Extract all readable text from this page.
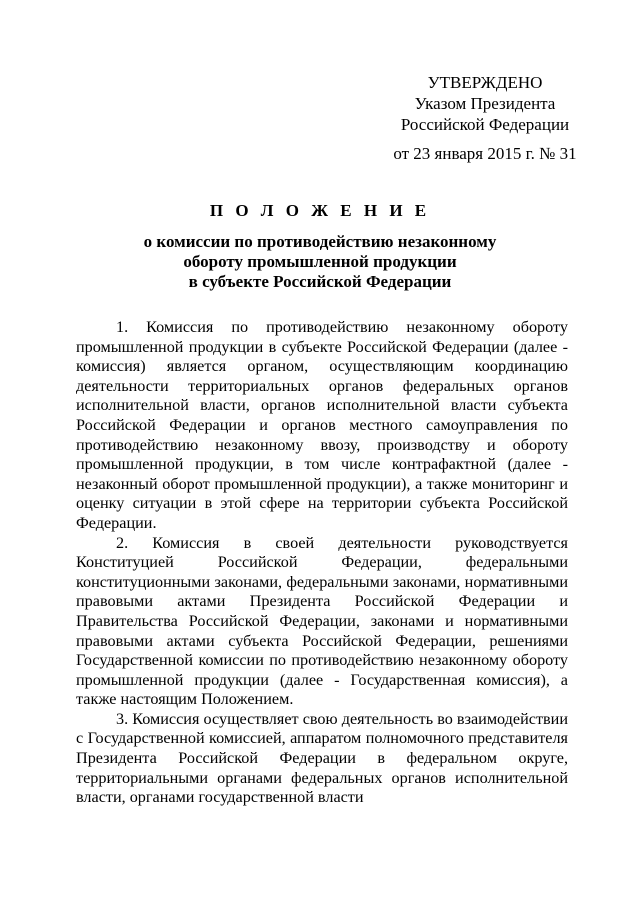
УТВЕРЖДЕНО
Указом Президента
Российской Федерации
от 23 января 2015 г. № 31
П О Л О Ж Е Н И Е
о комиссии по противодействию незаконному
обороту промышленной продукции
в субъекте Российской Федерации

1. Комиссия по противодействию незаконному обороту промышленной продукции в субъекте Российской Федерации (далее - комиссия) является органом, осуществляющим координацию деятельности территориальных органов федеральных органов исполнительной власти, органов исполнительной власти субъекта Российской Федерации и органов местного самоуправления по противодействию незаконному ввозу, производству и обороту промышленной продукции, в том числе контрафактной (далее - незаконный оборот промышленной продукции), а также мониторинг и оценку ситуации в этой сфере на территории субъекта Российской Федерации.

2. Комиссия в своей деятельности руководствуется Конституцией Российской Федерации, федеральными конституционными законами, федеральными законами, нормативными правовыми актами Президента Российской Федерации и Правительства Российской Федерации, законами и нормативными правовыми актами субъекта Российской Федерации, решениями Государственной комиссии по противодействию незаконному обороту промышленной продукции (далее - Государственная комиссия), а также настоящим Положением.

3. Комиссия осуществляет свою деятельность во взаимодействии с Государственной комиссией, аппаратом полномочного представителя Президента Российской Федерации в федеральном округе, территориальными органами федеральных органов исполнительной власти, органами государственной власти
